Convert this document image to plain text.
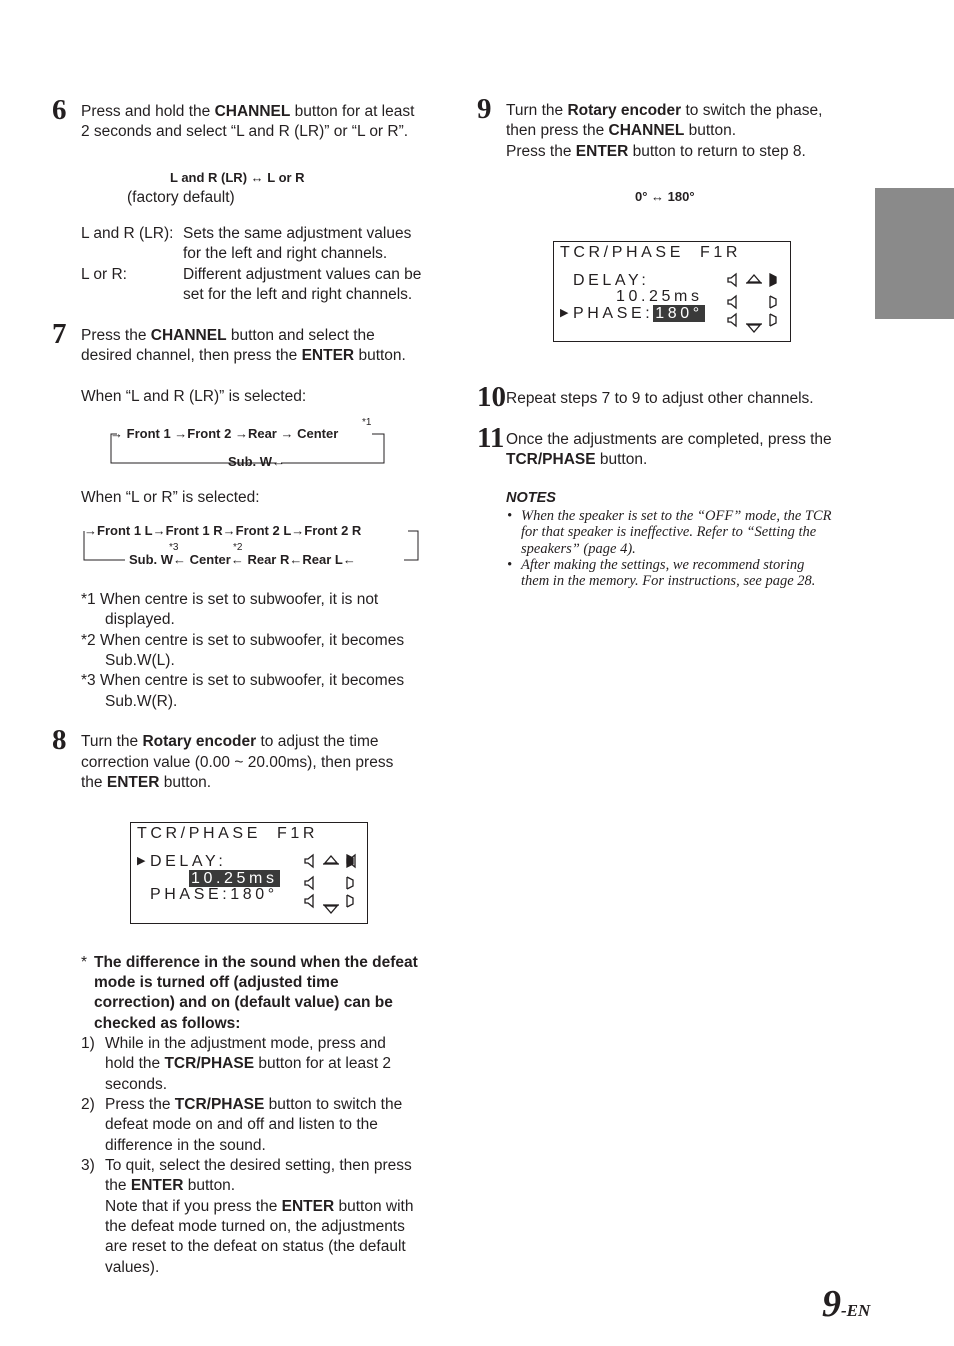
6 Press and hold the CHANNEL button for at least
2 seconds and select “L and R (LR)” or “L or R”.
L and R (LR) ↔ L or R
(factory default)
L and R (LR): Sets the same adjustment values
for the left and right channels.
L or R:	Different adjustment values can be
set for the left and right channels.
7 Press the CHANNEL button and select the
desired channel, then press the ENTER button.
When “L and R (LR)” is selected:
→ Front 1 →Front 2 →Rear → Center
*1
Sub. W←
When “L or R” is selected:
→Front 1 L→Front 1 R→Front 2 L→Front 2 R
Sub. W← Center← Rear R←Rear L←
*3	*2
*1 When centre is set to subwoofer, it is not
displayed.
*2 When centre is set to subwoofer, it becomes
Sub.W(L).
*3 When centre is set to subwoofer, it becomes
Sub.W(R).
8 Turn the Rotary encoder to adjust the time
correction value (0.00 ~ 20.00ms), then press
the ENTER button.
TCR/PHASE  F1R
▶ DELAY:
10.25ms
PHASE:180°
* The difference in the sound when the defeat
mode is turned off (adjusted time
correction) and on (default value) can be
checked as follows:
1) While in the adjustment mode, press and
hold the TCR/PHASE button for at least 2
seconds.
2) Press the TCR/PHASE button to switch the
defeat mode on and off and listen to the
difference in the sound.
3) To quit, select the desired setting, then press
the ENTER button.
Note that if you press the ENTER button with
the defeat mode turned on, the adjustments
are reset to the defeat on status (the default
values).
9 Turn the Rotary encoder to switch the phase,
then press the CHANNEL button.
Press the ENTER button to return to step 8.
0° ↔ 180°
TCR/PHASE  F1R
DELAY:
10.25ms
▶ PHASE: 180°
10 Repeat steps 7 to 9 to adjust other channels.
11 Once the adjustments are completed, press the
TCR/PHASE button.
NOTES
• When the speaker is set to the “OFF” mode, the TCR
for that speaker is ineffective. Refer to “Setting the
speakers” (page 4).
• After making the settings, we recommend storing
them in the memory. For instructions, see page 28.
9-EN
